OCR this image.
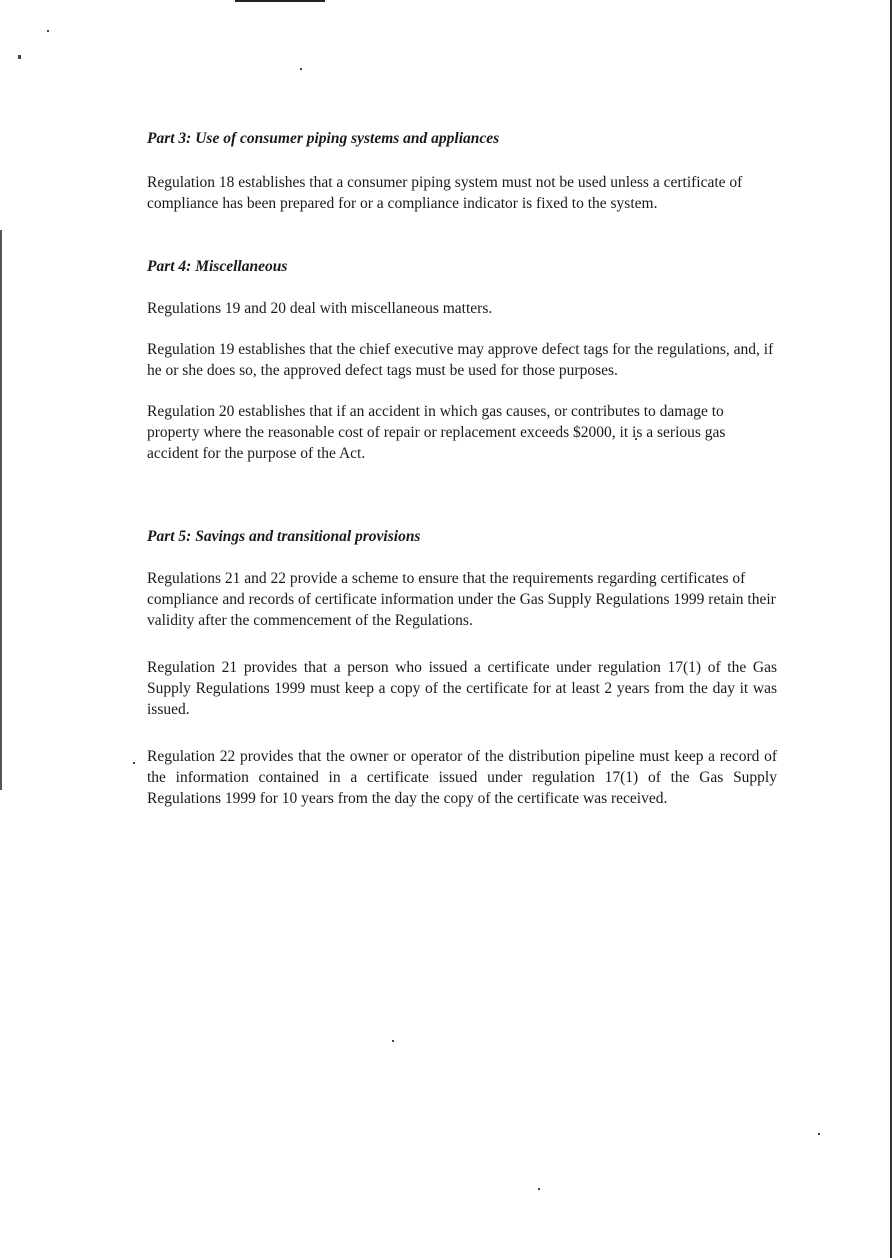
Part 3: Use of consumer piping systems and appliances

Regulation 18 establishes that a consumer piping system must not be used unless a certificate of compliance has been prepared for or a compliance indicator is fixed to the system.

Part 4: Miscellaneous

Regulations 19 and 20 deal with miscellaneous matters.

Regulation 19 establishes that the chief executive may approve defect tags for the regulations, and, if he or she does so, the approved defect tags must be used for those purposes.

Regulation 20 establishes that if an accident in which gas causes, or contributes to damage to property where the reasonable cost of repair or replacement exceeds $2000, it is a serious gas accident for the purpose of the Act.

Part 5: Savings and transitional provisions

Regulations 21 and 22 provide a scheme to ensure that the requirements regarding certificates of compliance and records of certificate information under the Gas Supply Regulations 1999 retain their validity after the commencement of the Regulations.

Regulation 21 provides that a person who issued a certificate under regulation 17(1) of the Gas Supply Regulations 1999 must keep a copy of the certificate for at least 2 years from the day it was issued.

Regulation 22 provides that the owner or operator of the distribution pipeline must keep a record of the information contained in a certificate issued under regulation 17(1) of the Gas Supply Regulations 1999 for 10 years from the day the copy of the certificate was received.
